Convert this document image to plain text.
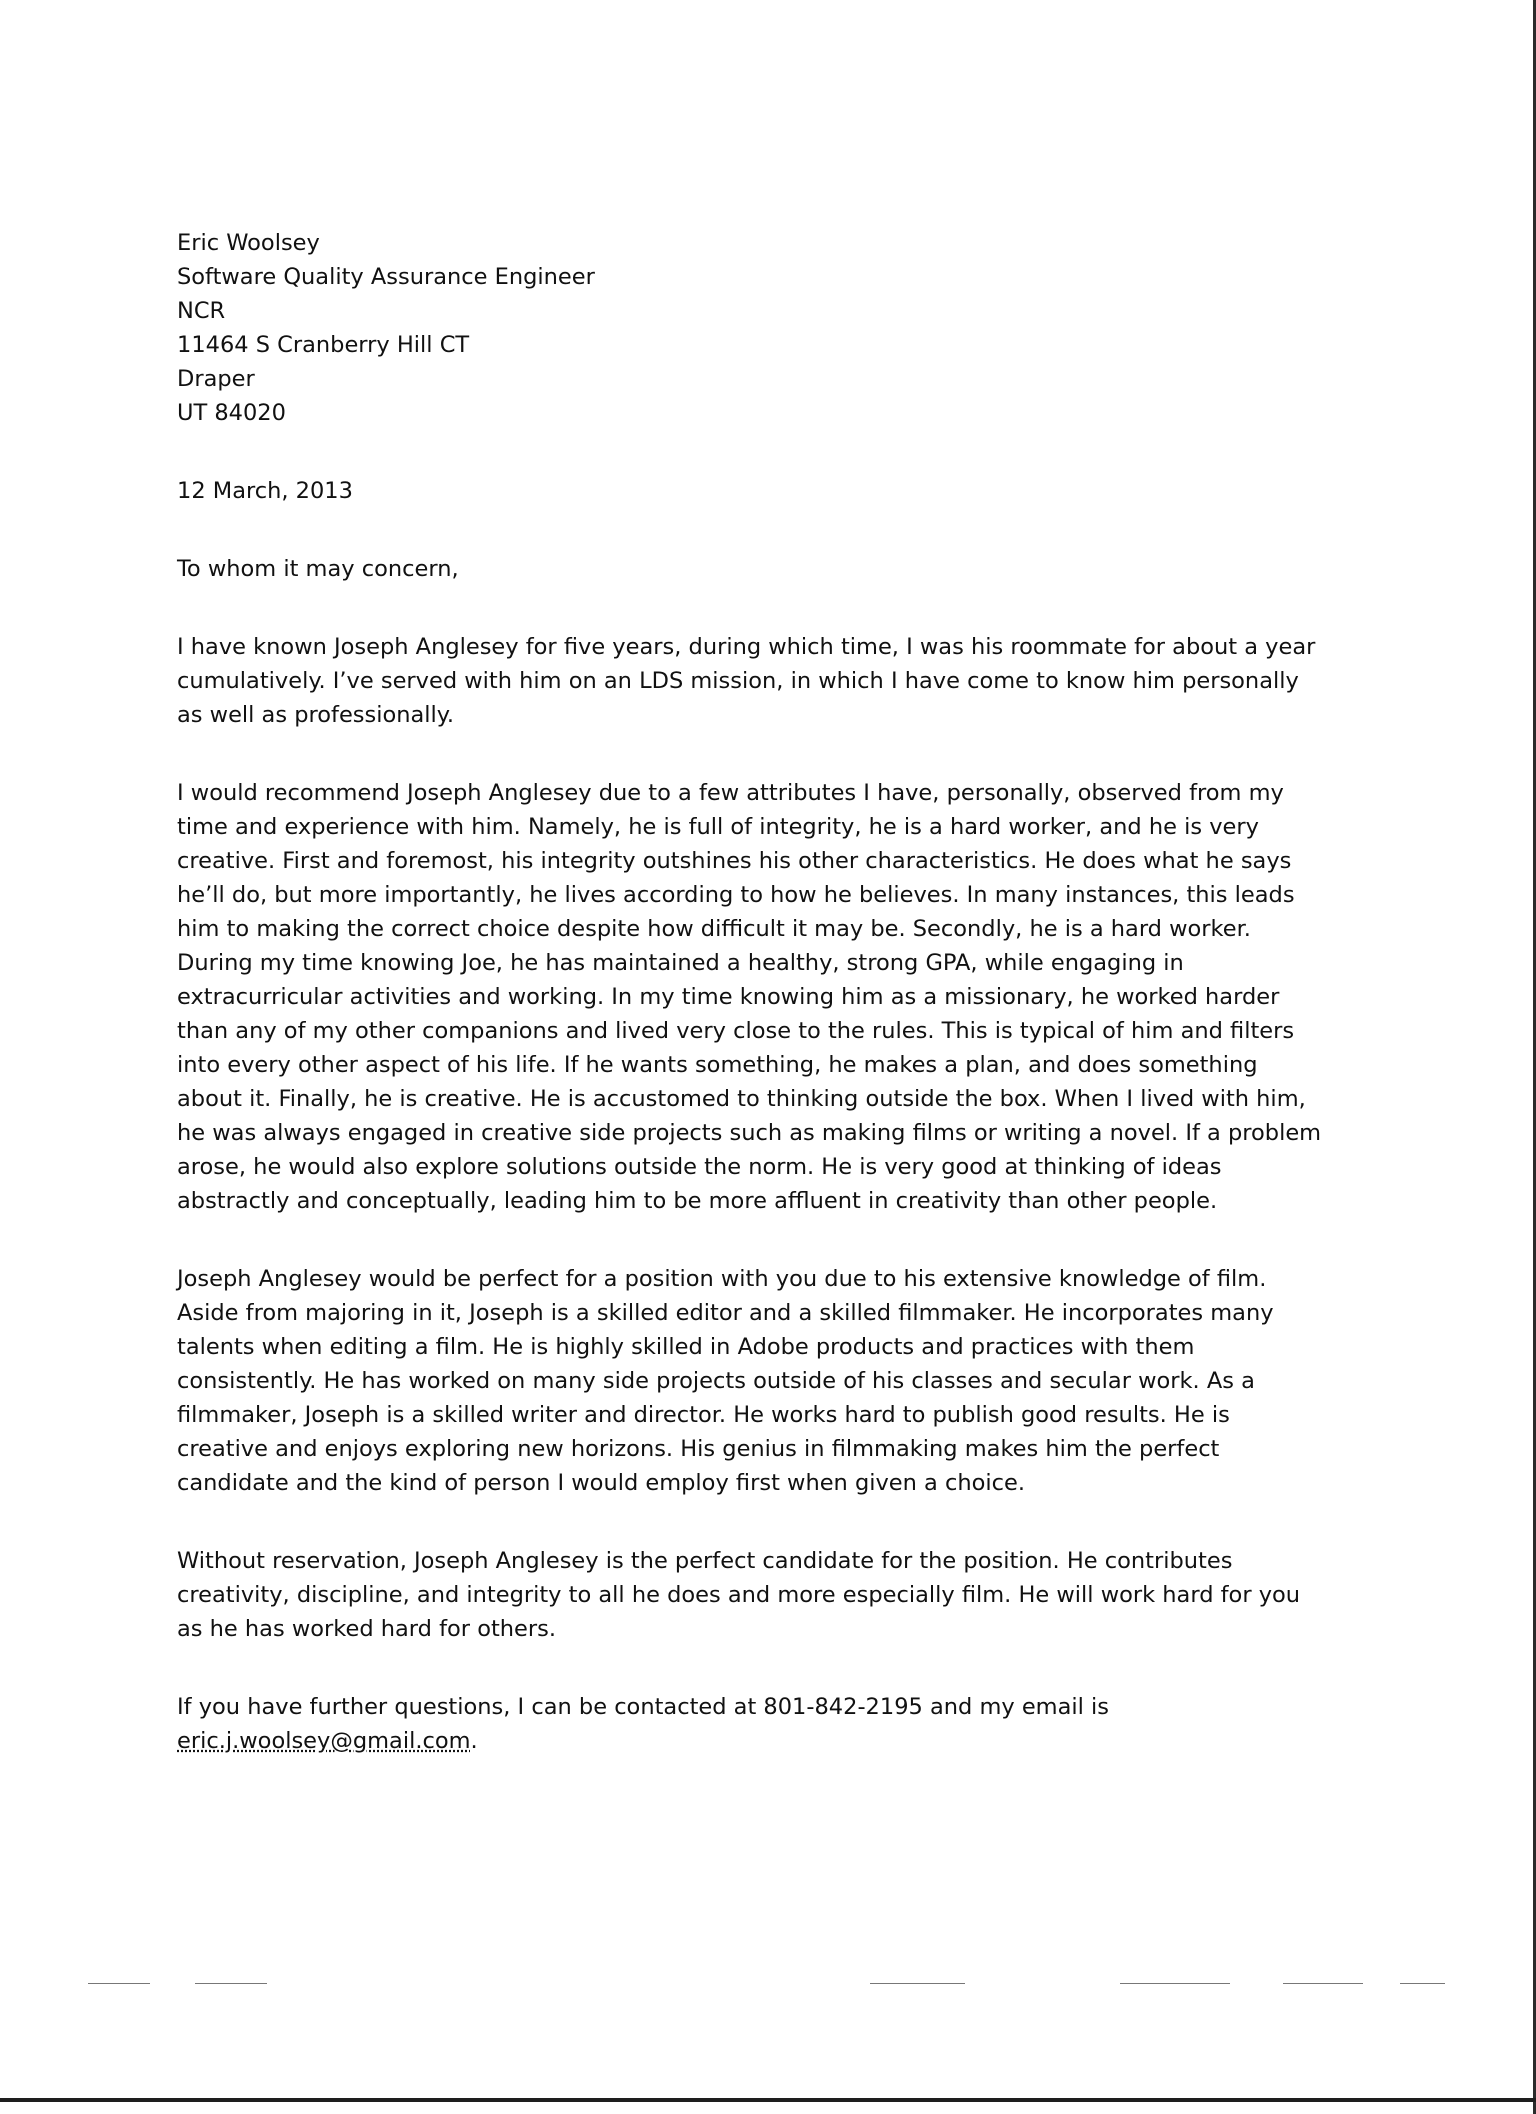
Eric Woolsey
Software Quality Assurance Engineer
NCR
11464 S Cranberry Hill CT
Draper
UT 84020
12 March, 2013
To whom it may concern,
I have known Joseph Anglesey for five years, during which time, I was his roommate for about a year
cumulatively. I’ve served with him on an LDS mission, in which I have come to know him personally
as well as professionally.
I would recommend Joseph Anglesey due to a few attributes I have, personally, observed from my
time and experience with him. Namely, he is full of integrity, he is a hard worker, and he is very
creative. First and foremost, his integrity outshines his other characteristics. He does what he says
he’ll do, but more importantly, he lives according to how he believes. In many instances, this leads
him to making the correct choice despite how difficult it may be. Secondly, he is a hard worker.
During my time knowing Joe, he has maintained a healthy, strong GPA, while engaging in
extracurricular activities and working. In my time knowing him as a missionary, he worked harder
than any of my other companions and lived very close to the rules. This is typical of him and filters
into every other aspect of his life. If he wants something, he makes a plan, and does something
about it. Finally, he is creative. He is accustomed to thinking outside the box. When I lived with him,
he was always engaged in creative side projects such as making films or writing a novel. If a problem
arose, he would also explore solutions outside the norm. He is very good at thinking of ideas
abstractly and conceptually, leading him to be more affluent in creativity than other people.
Joseph Anglesey would be perfect for a position with you due to his extensive knowledge of film.
Aside from majoring in it, Joseph is a skilled editor and a skilled filmmaker. He incorporates many
talents when editing a film. He is highly skilled in Adobe products and practices with them
consistently. He has worked on many side projects outside of his classes and secular work. As a
filmmaker, Joseph is a skilled writer and director. He works hard to publish good results. He is
creative and enjoys exploring new horizons. His genius in filmmaking makes him the perfect
candidate and the kind of person I would employ first when given a choice.
Without reservation, Joseph Anglesey is the perfect candidate for the position. He contributes
creativity, discipline, and integrity to all he does and more especially film. He will work hard for you
as he has worked hard for others.
If you have further questions, I can be contacted at 801-842-2195 and my email is
eric.j.woolsey@gmail.com.
